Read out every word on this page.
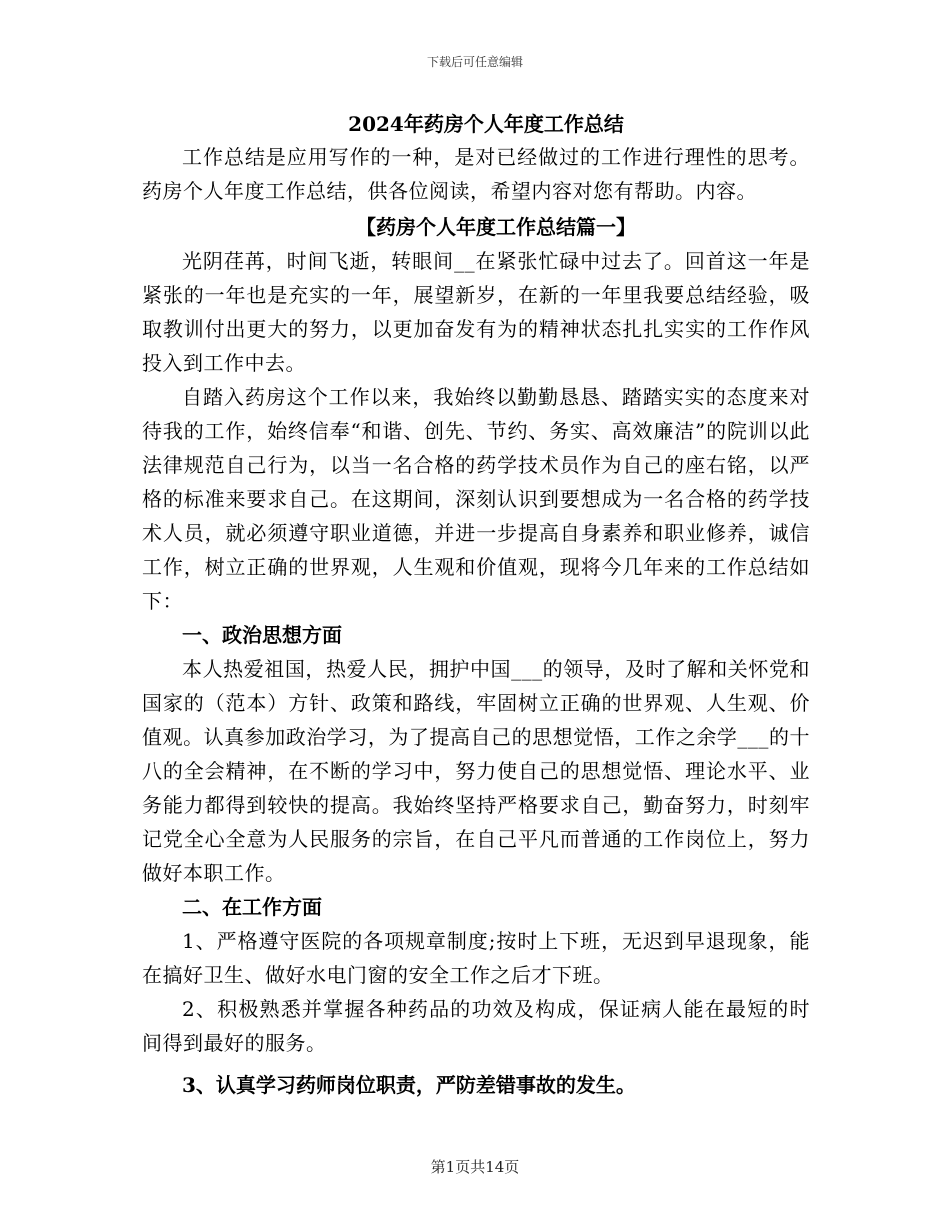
下载后可任意编辑

2024年药房个人年度工作总结

工作总结是应用写作的一种，是对已经做过的工作进行理性的思考。药房个人年度工作总结，供各位阅读，希望内容对您有帮助。内容。

【药房个人年度工作总结篇一】

光阴荏苒，时间飞逝，转眼间__在紧张忙碌中过去了。回首这一年是紧张的一年也是充实的一年，展望新岁，在新的一年里我要总结经验，吸取教训付出更大的努力，以更加奋发有为的精神状态扎扎实实的工作作风投入到工作中去。

自踏入药房这个工作以来，我始终以勤勤恳恳、踏踏实实的态度来对待我的工作，始终信奉“和谐、创先、节约、务实、高效廉洁”的院训以此法律规范自己行为，以当一名合格的药学技术员作为自己的座右铭，以严格的标准来要求自己。在这期间，深刻认识到要想成为一名合格的药学技术人员，就必须遵守职业道德，并进一步提高自身素养和职业修养，诚信工作，树立正确的世界观，人生观和价值观，现将今几年来的工作总结如下：

一、政治思想方面

本人热爱祖国，热爱人民，拥护中国___的领导，及时了解和关怀党和国家的（范本）方针、政策和路线，牢固树立正确的世界观、人生观、价值观。认真参加政治学习，为了提高自己的思想觉悟，工作之余学___的十八的全会精神，在不断的学习中，努力使自己的思想觉悟、理论水平、业务能力都得到较快的提高。我始终坚持严格要求自己，勤奋努力，时刻牢记党全心全意为人民服务的宗旨，在自己平凡而普通的工作岗位上，努力做好本职工作。

二、在工作方面

1、严格遵守医院的各项规章制度;按时上下班，无迟到早退现象，能在搞好卫生、做好水电门窗的安全工作之后才下班。

2、积极熟悉并掌握各种药品的功效及构成，保证病人能在最短的时间得到最好的服务。

3、认真学习药师岗位职责，严防差错事故的发生。

第1页共14页
